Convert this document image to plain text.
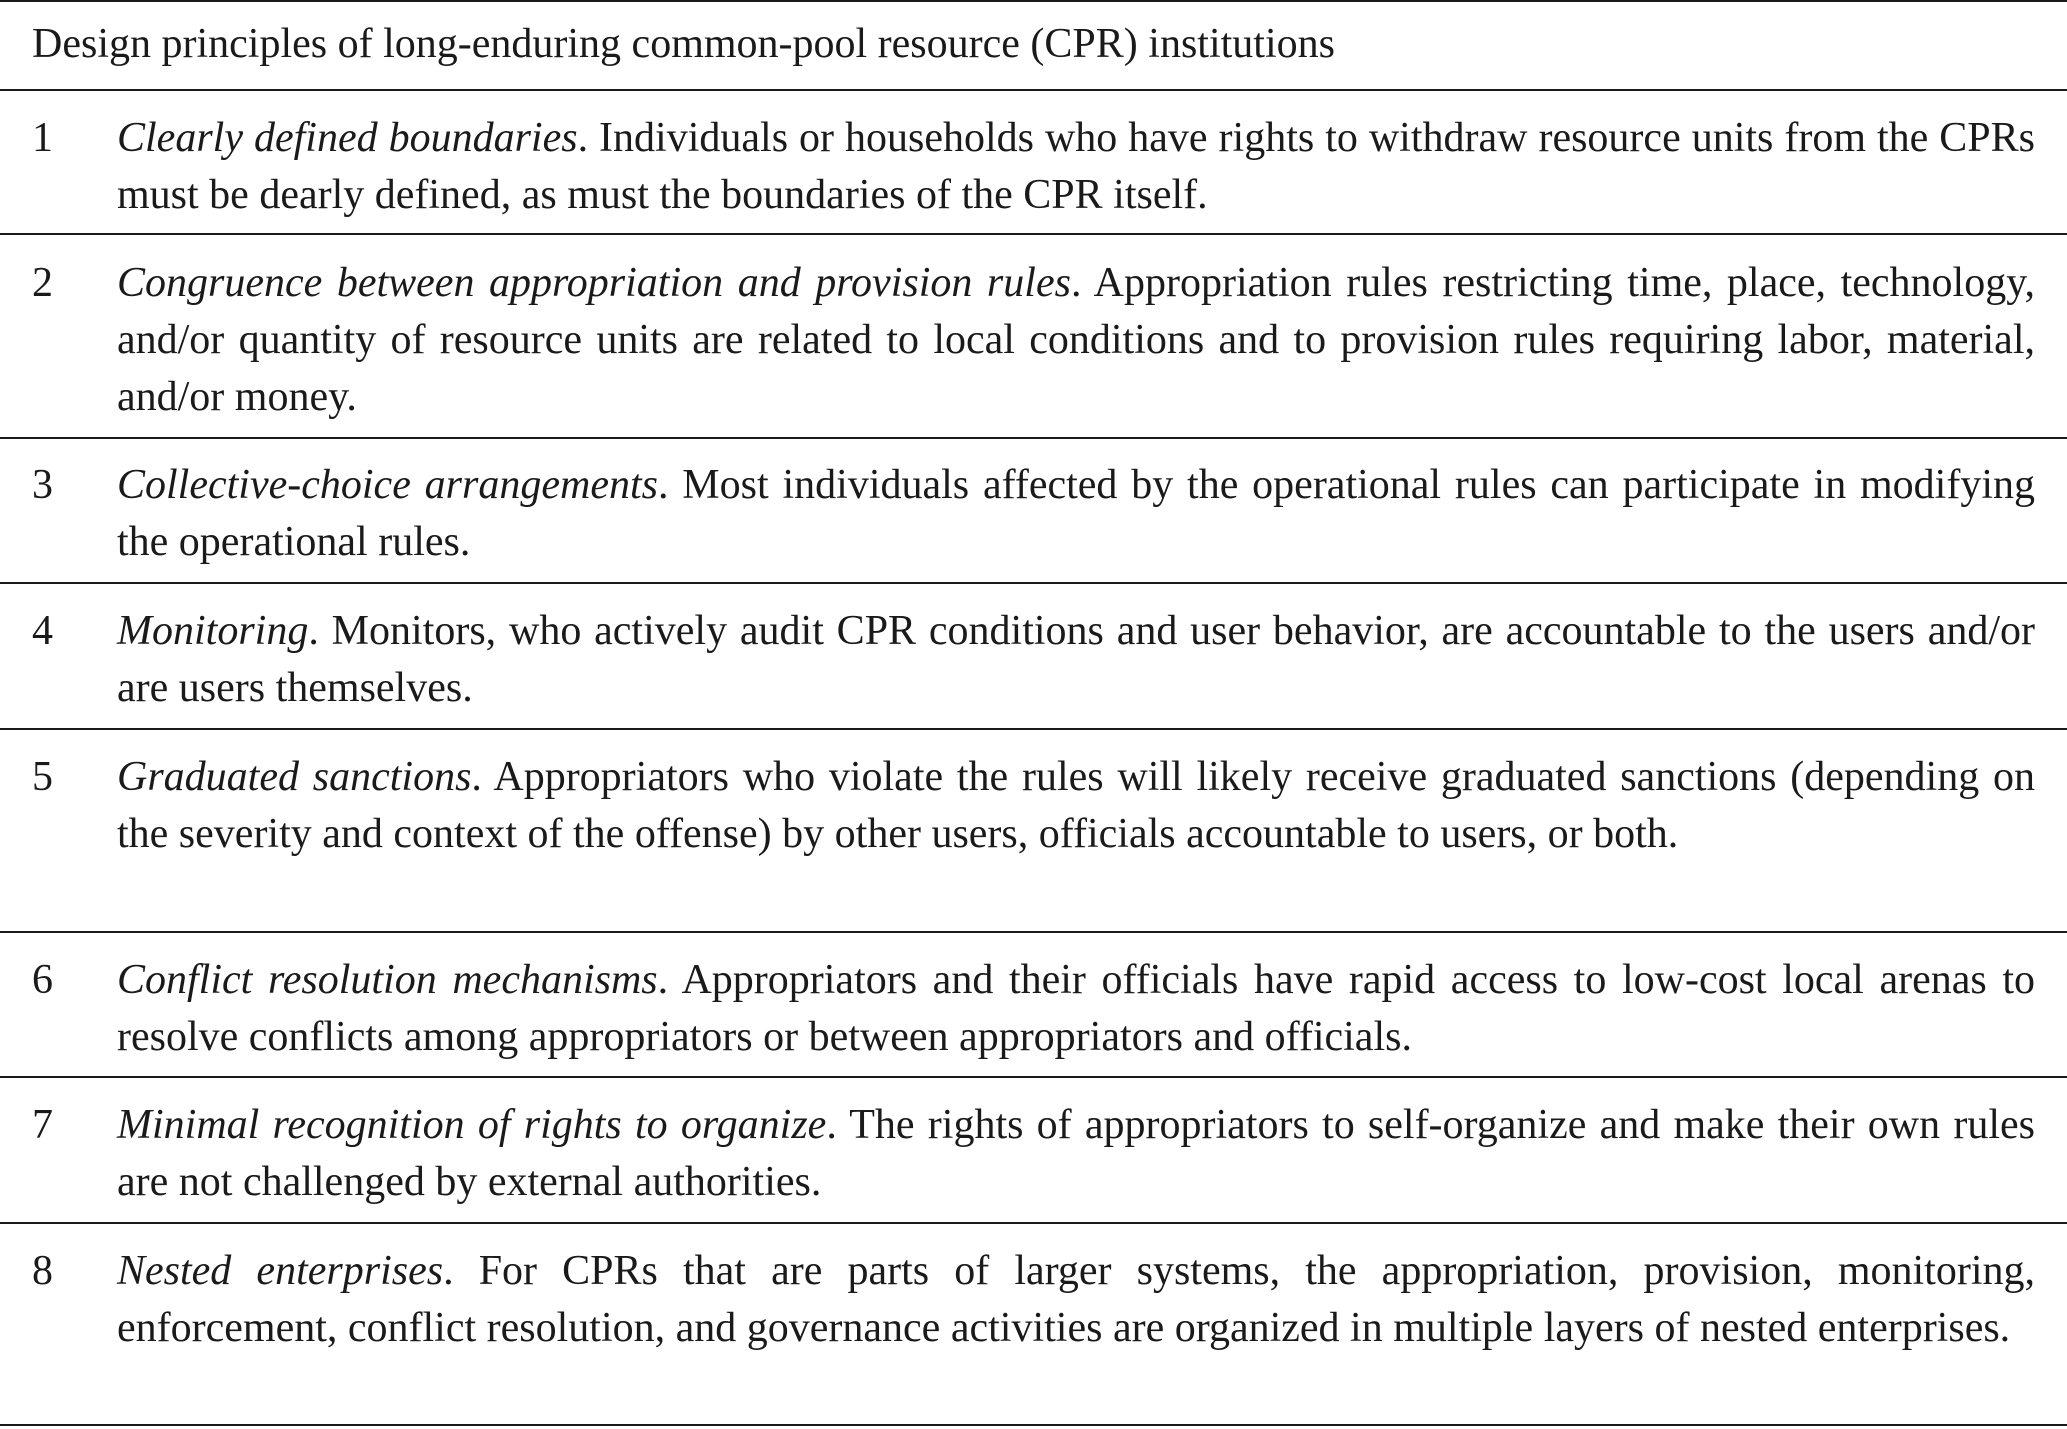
Design principles of long-enduring common-pool resource (CPR) institutions
1 Clearly defined boundaries. Individuals or households who have rights to withdraw resource units from the CPRs must be dearly defined, as must the boundaries of the CPR itself.
2 Congruence between appropriation and provision rules. Appropriation rules restricting time, place, technology, and/or quantity of resource units are related to local conditions and to provision rules requiring labor, material, and/or money.
3 Collective-choice arrangements. Most individuals affected by the operational rules can participate in modifying the operational rules.
4 Monitoring. Monitors, who actively audit CPR conditions and user behavior, are accountable to the users and/or are users themselves.
5 Graduated sanctions. Appropriators who violate the rules will likely receive graduated sanctions (depending on the severity and context of the offense) by other users, officials accountable to users, or both.
6 Conflict resolution mechanisms. Appropriators and their officials have rapid access to low-cost local arenas to resolve conflicts among appropriators or between appropriators and officials.
7 Minimal recognition of rights to organize. The rights of appropriators to self-organize and make their own rules are not challenged by external authorities.
8 Nested enterprises. For CPRs that are parts of larger systems, the appropriation, provision, monitoring, enforcement, conflict resolution, and governance activities are organized in multiple layers of nested enterprises.
